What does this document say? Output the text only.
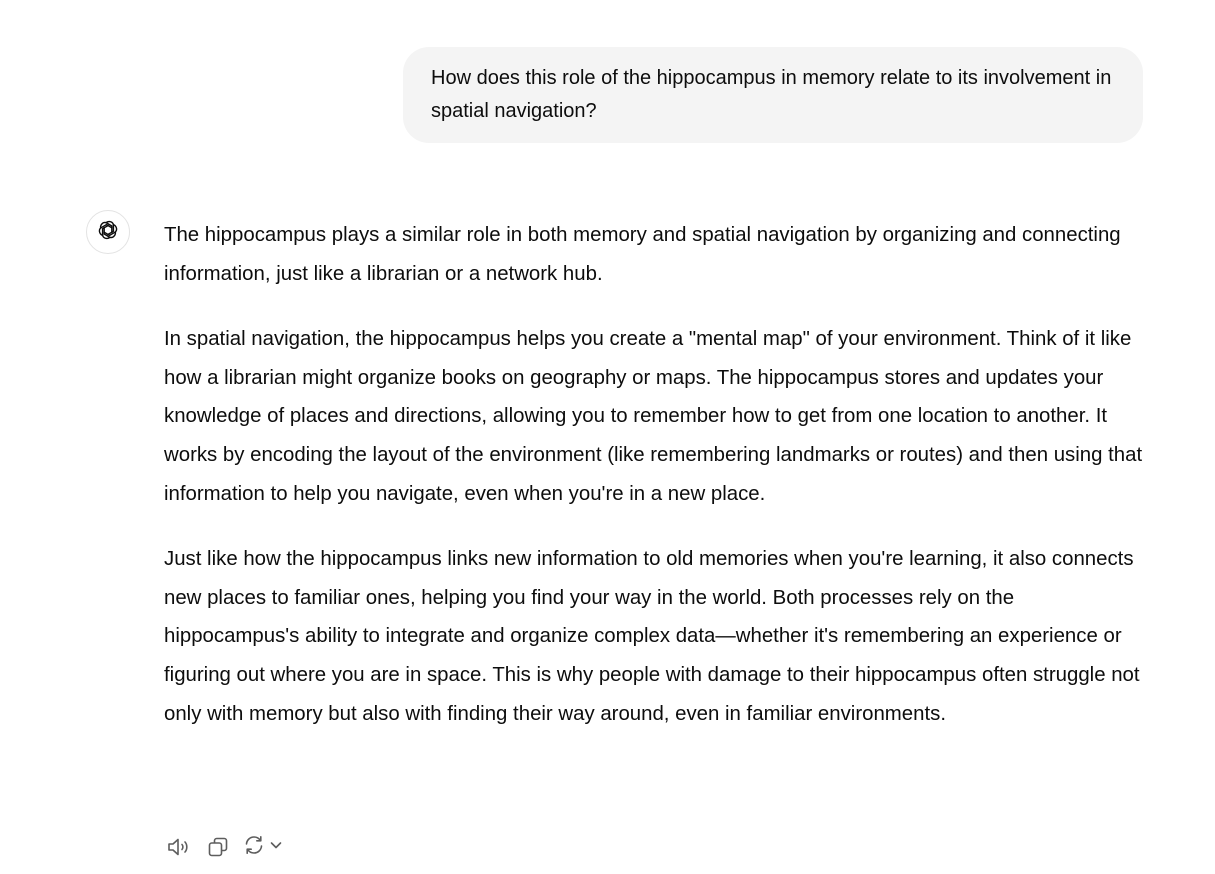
How does this role of the hippocampus in memory relate to its involvement in spatial navigation?

The hippocampus plays a similar role in both memory and spatial navigation by organizing and connecting information, just like a librarian or a network hub.

In spatial navigation, the hippocampus helps you create a "mental map" of your environment. Think of it like how a librarian might organize books on geography or maps. The hippocampus stores and updates your knowledge of places and directions, allowing you to remember how to get from one location to another. It works by encoding the layout of the environment (like remembering landmarks or routes) and then using that information to help you navigate, even when you're in a new place.

Just like how the hippocampus links new information to old memories when you're learning, it also connects new places to familiar ones, helping you find your way in the world. Both processes rely on the hippocampus's ability to integrate and organize complex data—whether it's remembering an experience or figuring out where you are in space. This is why people with damage to their hippocampus often struggle not only with memory but also with finding their way around, even in familiar environments.
